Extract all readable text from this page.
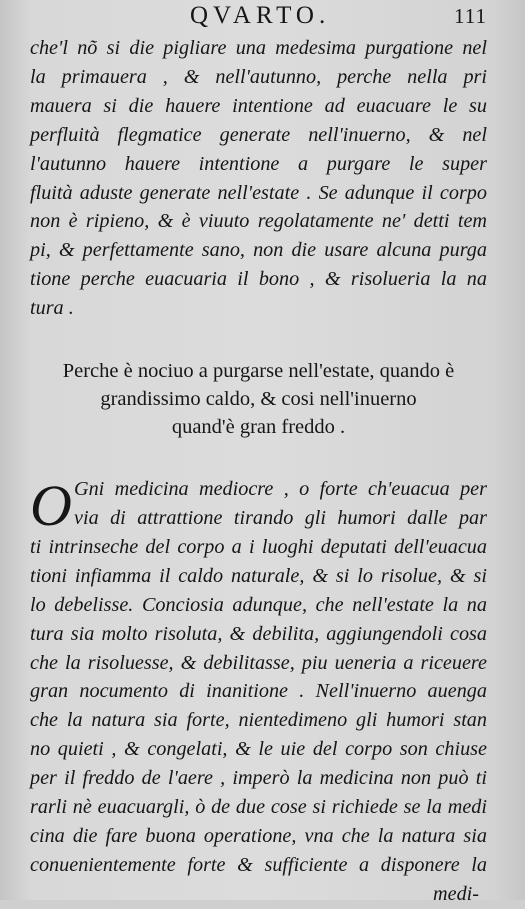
QVARTO.	111
che'l nõ si die pigliare una medesima purgatione nel
la primauera , & nell'autunno, perche nella pri
mauera si die hauere intentione ad euacuare le su
perfluità flegmatice generate nell'inuerno, & nel
l'autunno hauere intentione a purgare le super
fluità aduste generate nell'estate . Se adunque il corpo
non è ripieno, & è viuuto regolatamente ne' detti tem
pi, & perfettamente sano, non die usare alcuna purga
tione perche euacuaria il bono , & risolueria la na
tura .
Perche è nociuo a purgarse nell'estate, quando è
grandissimo caldo, & cosi nell'inuerno
quand'è gran freddo .
O Gni medicina mediocre , o forte ch'euacua per
via di attrattione tirando gli humori dalle par
ti intrinseche del corpo a i luoghi deputati dell'euacua
tioni infiamma il caldo naturale, & si lo risolue, & si
lo debelisse. Conciosia adunque, che nell'estate la na
tura sia molto risoluta, & debilita, aggiungendoli cosa
che la risoluesse, & debilitasse, piu ueneria a riceuere
gran nocumento di inanitione . Nell'inuerno auenga
che la natura sia forte, nientedimeno gli humori stan
no quieti , & congelati, & le uie del corpo son chiuse
per il freddo de l'aere , imperò la medicina non può ti
rarli nè euacuargli, ò de due cose si richiede se la medi
cina die fare buona operatione, vna che la natura sia
conuenientemente forte & sufficiente a disponere la
medi-
